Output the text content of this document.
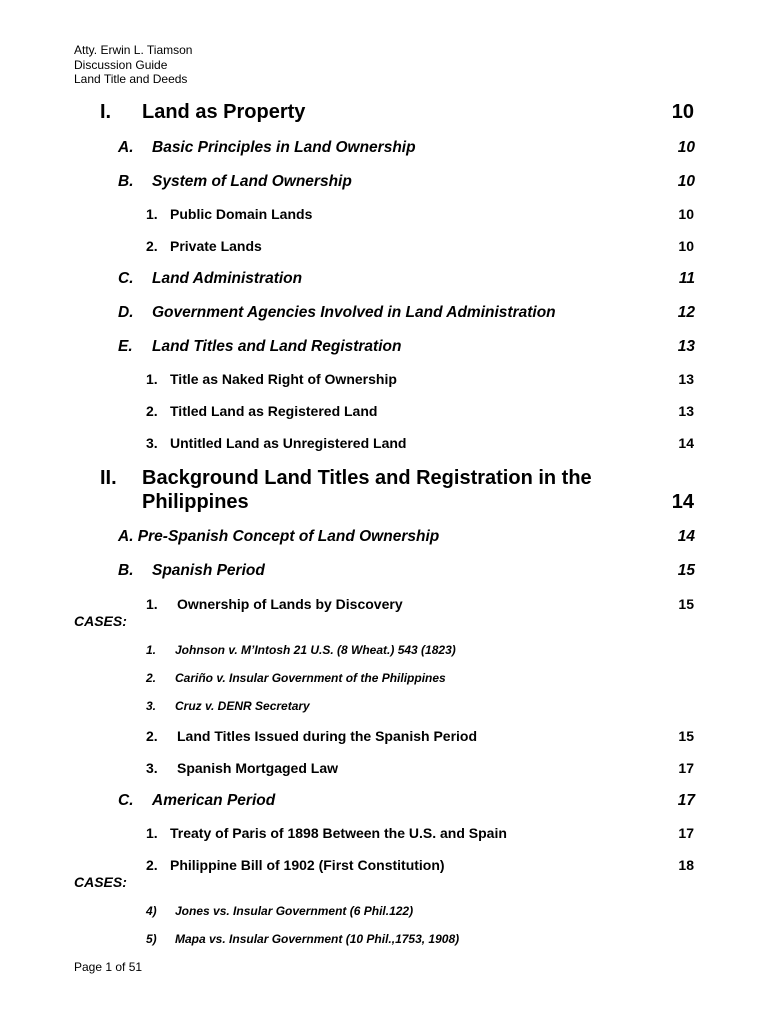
Atty. Erwin L. Tiamson
Discussion Guide
Land Title and Deeds
I. Land as Property	10
A. Basic Principles in Land Ownership	10
B. System of Land Ownership	10
1. Public Domain Lands	10
2. Private Lands	10
C. Land Administration	11
D. Government Agencies Involved in Land Administration	12
E. Land Titles and Land Registration	13
1. Title as Naked Right of Ownership	13
2. Titled Land as Registered Land	13
3. Untitled Land as Unregistered Land	14
II. Background Land Titles and Registration in the
Philippines	14
A. Pre-Spanish Concept of Land Ownership	14
B. Spanish Period	15
1. Ownership of Lands by Discovery	15
CASES:
1. Johnson v. M’Intosh 21 U.S. (8 Wheat.) 543 (1823)
2. Cariño v. Insular Government of the Philippines
3. Cruz v. DENR Secretary
2. Land Titles Issued during the Spanish Period	15
3. Spanish Mortgaged Law	17
C. American Period	17
1. Treaty of Paris of 1898 Between the U.S. and Spain	17
2. Philippine Bill of 1902 (First Constitution)	18
CASES:
4) Jones vs. Insular Government (6 Phil.122)
5) Mapa vs. Insular Government (10 Phil.,1753, 1908)
Page 1 of 51
